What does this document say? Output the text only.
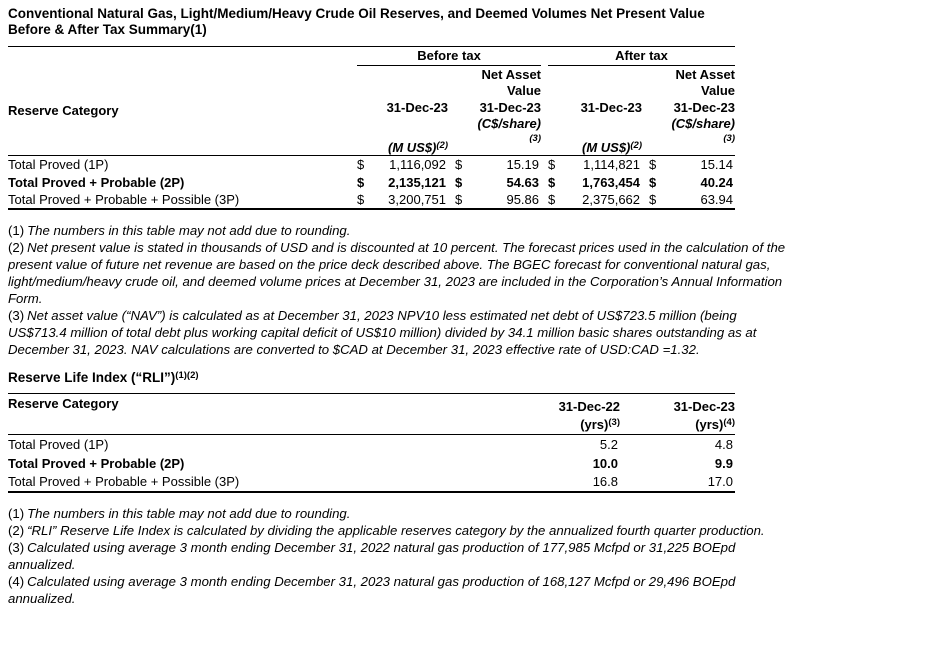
Conventional Natural Gas, Light/Medium/Heavy Crude Oil Reserves, and Deemed Volumes Net Present Value Before & After Tax Summary(1)

	Before tax		After tax	

Reserve Category		Net Asset		Net Asset
		Value		Value
	31-Dec-23	31-Dec-23	31-Dec-23	31-Dec-23
		(C$/share)		(C$/share)
	(M US$)$^{(2)}$	$^{(3)}$	(M US$)$^{(2)}$	$^{(3)}$
Total Proved (1P)	$ 1,116,092	$ 15.19	$ 1,114,821	$ 15.14

Total Proved + Probable (2P)	$ 2,135,121	$ 54.63	$ 1,763,454	$ 40.24

Total Proved + Probable + Possible (3P)	$ 3,200,751	$ 95.86	$ 2,375,662	$ 63.94
(1) The numbers in this table may not add due to rounding.
(2) Net present value is stated in thousands of USD and is discounted at 10 percent. The forecast prices used in the calculation of the present value of future net revenue are based on the price deck described above. The BGEC forecast for conventional natural gas, light/medium/heavy crude oil, and deemed volume prices at December 31, 2023 are included in the Corporation’s Annual Information Form.
(3) Net asset value (“NAV”) is calculated as at December 31, 2023 NPV10 less estimated net debt of US$723.5 million (being US$713.4 million of total debt plus working capital deficit of US$10 million) divided by 34.1 million basic shares outstanding as at December 31, 2023. NAV calculations are converted to $CAD at December 31, 2023 effective rate of USD:CAD =1.32.
Reserve Life Index (“RLI”)$^{(1)(2)}$
Reserve Category	31-Dec-22	31-Dec-23
	(yrs)$^{(3)}$	(yrs)$^{(4)}$
Total Proved (1P)	5.2	4.8
Total Proved + Probable (2P)	10.0	9.9
Total Proved + Probable + Possible (3P)	16.8	17.0
(1) The numbers in this table may not add due to rounding.
(2) “RLI” Reserve Life Index is calculated by dividing the applicable reserves category by the annualized fourth quarter production.
(3) Calculated using average 3 month ending December 31, 2022 natural gas production of 177,985 Mcfpd or 31,225 BOEpd annualized.
(4) Calculated using average 3 month ending December 31, 2023 natural gas production of 168,127 Mcfpd or 29,496 BOEpd annualized.
